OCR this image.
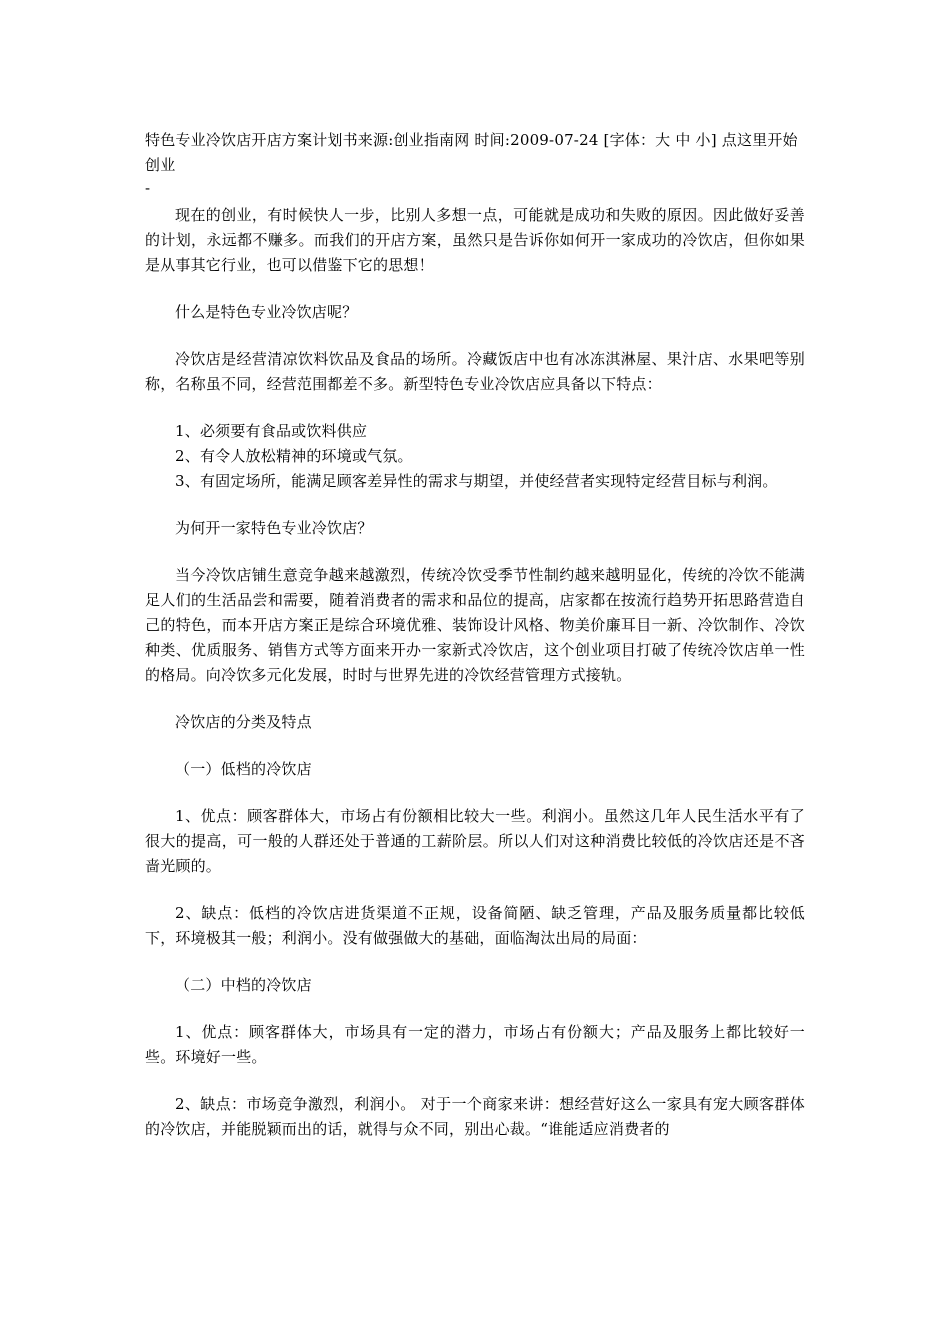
特色专业冷饮店开店方案计划书来源:创业指南网 时间:2009-07-24 [字体：大 中 小] 点这里开始创业
-

现在的创业，有时候快人一步，比别人多想一点，可能就是成功和失败的原因。因此做好妥善的计划，永远都不赚多。而我们的开店方案，虽然只是告诉你如何开一家成功的冷饮店，但你如果是从事其它行业，也可以借鉴下它的思想！

什么是特色专业冷饮店呢？

冷饮店是经营清凉饮料饮品及食品的场所。冷藏饭店中也有冰冻淇淋屋、果汁店、水果吧等别称，名称虽不同，经营范围都差不多。新型特色专业冷饮店应具备以下特点：

1、必须要有食品或饮料供应

2、有令人放松精神的环境或气氛。

3、有固定场所，能满足顾客差异性的需求与期望，并使经营者实现特定经营目标与利润。

为何开一家特色专业冷饮店？

当今冷饮店铺生意竞争越来越激烈，传统冷饮受季节性制约越来越明显化，传统的冷饮不能满足人们的生活品尝和需要，随着消费者的需求和品位的提高，店家都在按流行趋势开拓思路营造自己的特色，而本开店方案正是综合环境优雅、装饰设计风格、物美价廉耳目一新、冷饮制作、冷饮种类、优质服务、销售方式等方面来开办一家新式冷饮店，这个创业项目打破了传统冷饮店单一性的格局。向冷饮多元化发展，时时与世界先进的冷饮经营管理方式接轨。

冷饮店的分类及特点

（一）低档的冷饮店

1、优点：顾客群体大，市场占有份额相比较大一些。利润小。虽然这几年人民生活水平有了很大的提高，可一般的人群还处于普通的工薪阶层。所以人们对这种消费比较低的冷饮店还是不吝啬光顾的。

2、缺点：低档的冷饮店进货渠道不正规，设备简陋、缺乏管理，产品及服务质量都比较低下，环境极其一般；利润小。没有做强做大的基础，面临淘汰出局的局面：

（二）中档的冷饮店

1、优点：顾客群体大，市场具有一定的潜力，市场占有份额大；产品及服务上都比较好一些。环境好一些。

2、缺点：市场竞争激烈，利润小。 对于一个商家来讲：想经营好这么一家具有宠大顾客群体的冷饮店，并能脱颖而出的话，就得与众不同，别出心裁。“谁能适应消费者的
